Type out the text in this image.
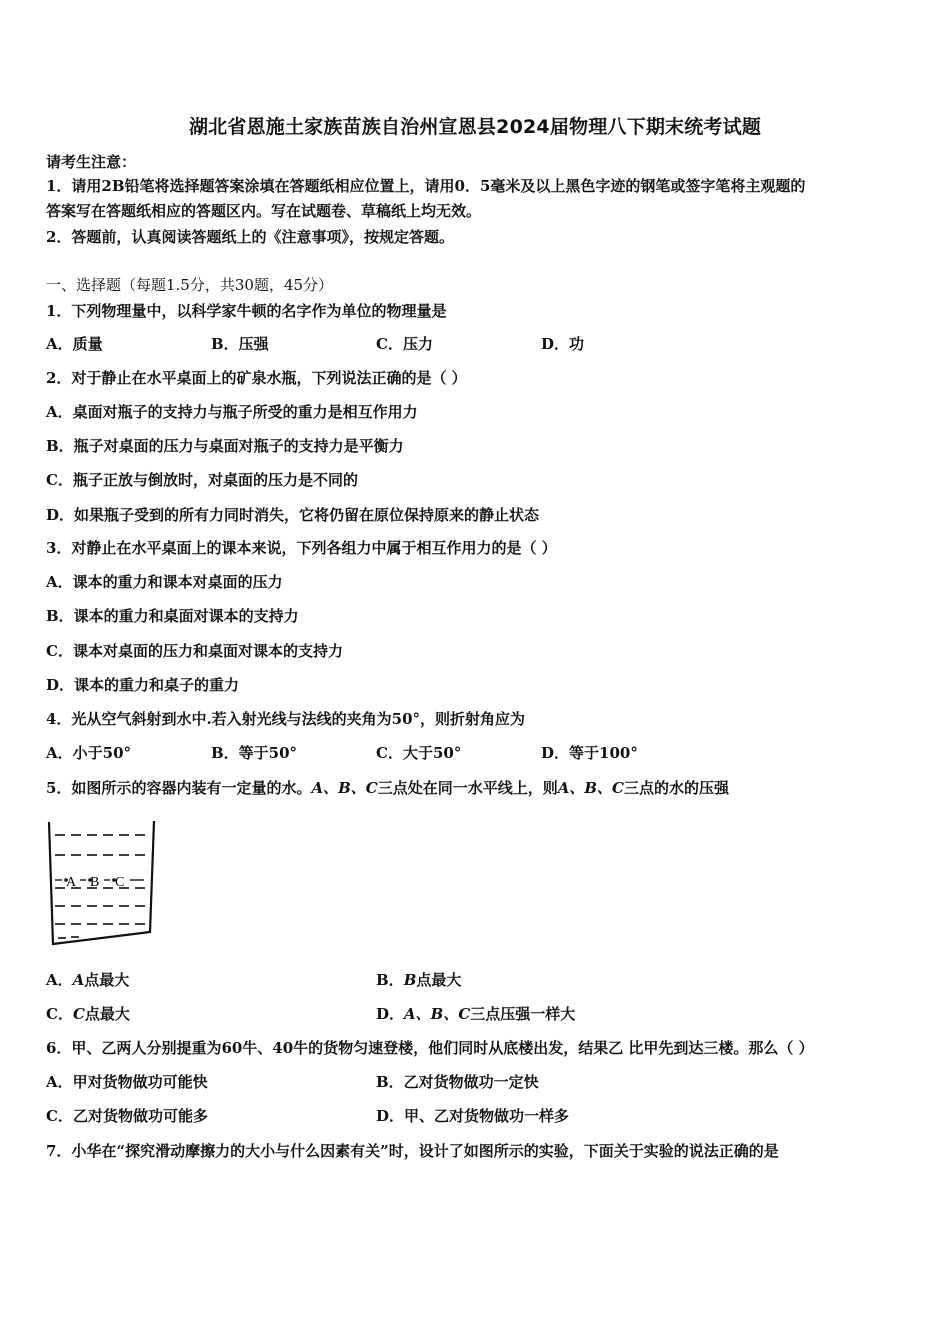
湖北省恩施土家族苗族自治州宣恩县2024届物理八下期末统考试题
请考生注意：
1．请用2B铅笔将选择题答案涂填在答题纸相应位置上，请用0．5毫米及以上黑色字迹的钢笔或签字笔将主观题的
答案写在答题纸相应的答题区内。写在试题卷、草稿纸上均无效。
2．答题前，认真阅读答题纸上的《注意事项》，按规定答题。
一、选择题（每题1.5分，共30题，45分）
1．下列物理量中，以科学家牛顿的名字作为单位的物理量是
A．质量	B．压强	C．压力	D．功
2．对于静止在水平桌面上的矿泉水瓶，下列说法正确的是（ ）
A．桌面对瓶子的支持力与瓶子所受的重力是相互作用力
B．瓶子对桌面的压力与桌面对瓶子的支持力是平衡力
C．瓶子正放与倒放时，对桌面的压力是不同的
D．如果瓶子受到的所有力同时消失，它将仍留在原位保持原来的静止状态
3．对静止在水平桌面上的课本来说，下列各组力中属于相互作用力的是（ ）
A．课本的重力和课本对桌面的压力
B．课本的重力和桌面对课本的支持力
C．课本对桌面的压力和桌面对课本的支持力
D．课本的重力和桌子的重力
4．光从空气斜射到水中.若入射光线与法线的夹角为50°，则折射角应为
A．小于50°	B．等于50°	C．大于50°	D．等于100°
5．如图所示的容器内装有一定量的水。A、B、C三点处在同一水平线上，则A、B、C三点的水的压强
A B C
A．A点最大	B．B点最大
C．C点最大	D．A、B、C三点压强一样大
6．甲、乙两人分别提重为60牛、40牛的货物匀速登楼，他们同时从底楼出发，结果乙 比甲先到达三楼。那么（ ）
A．甲对货物做功可能快	B．乙对货物做功一定快
C．乙对货物做功可能多	D．甲、乙对货物做功一样多
7．小华在“探究滑动摩擦力的大小与什么因素有关”时，设计了如图所示的实验，下面关于实验的说法正确的是
